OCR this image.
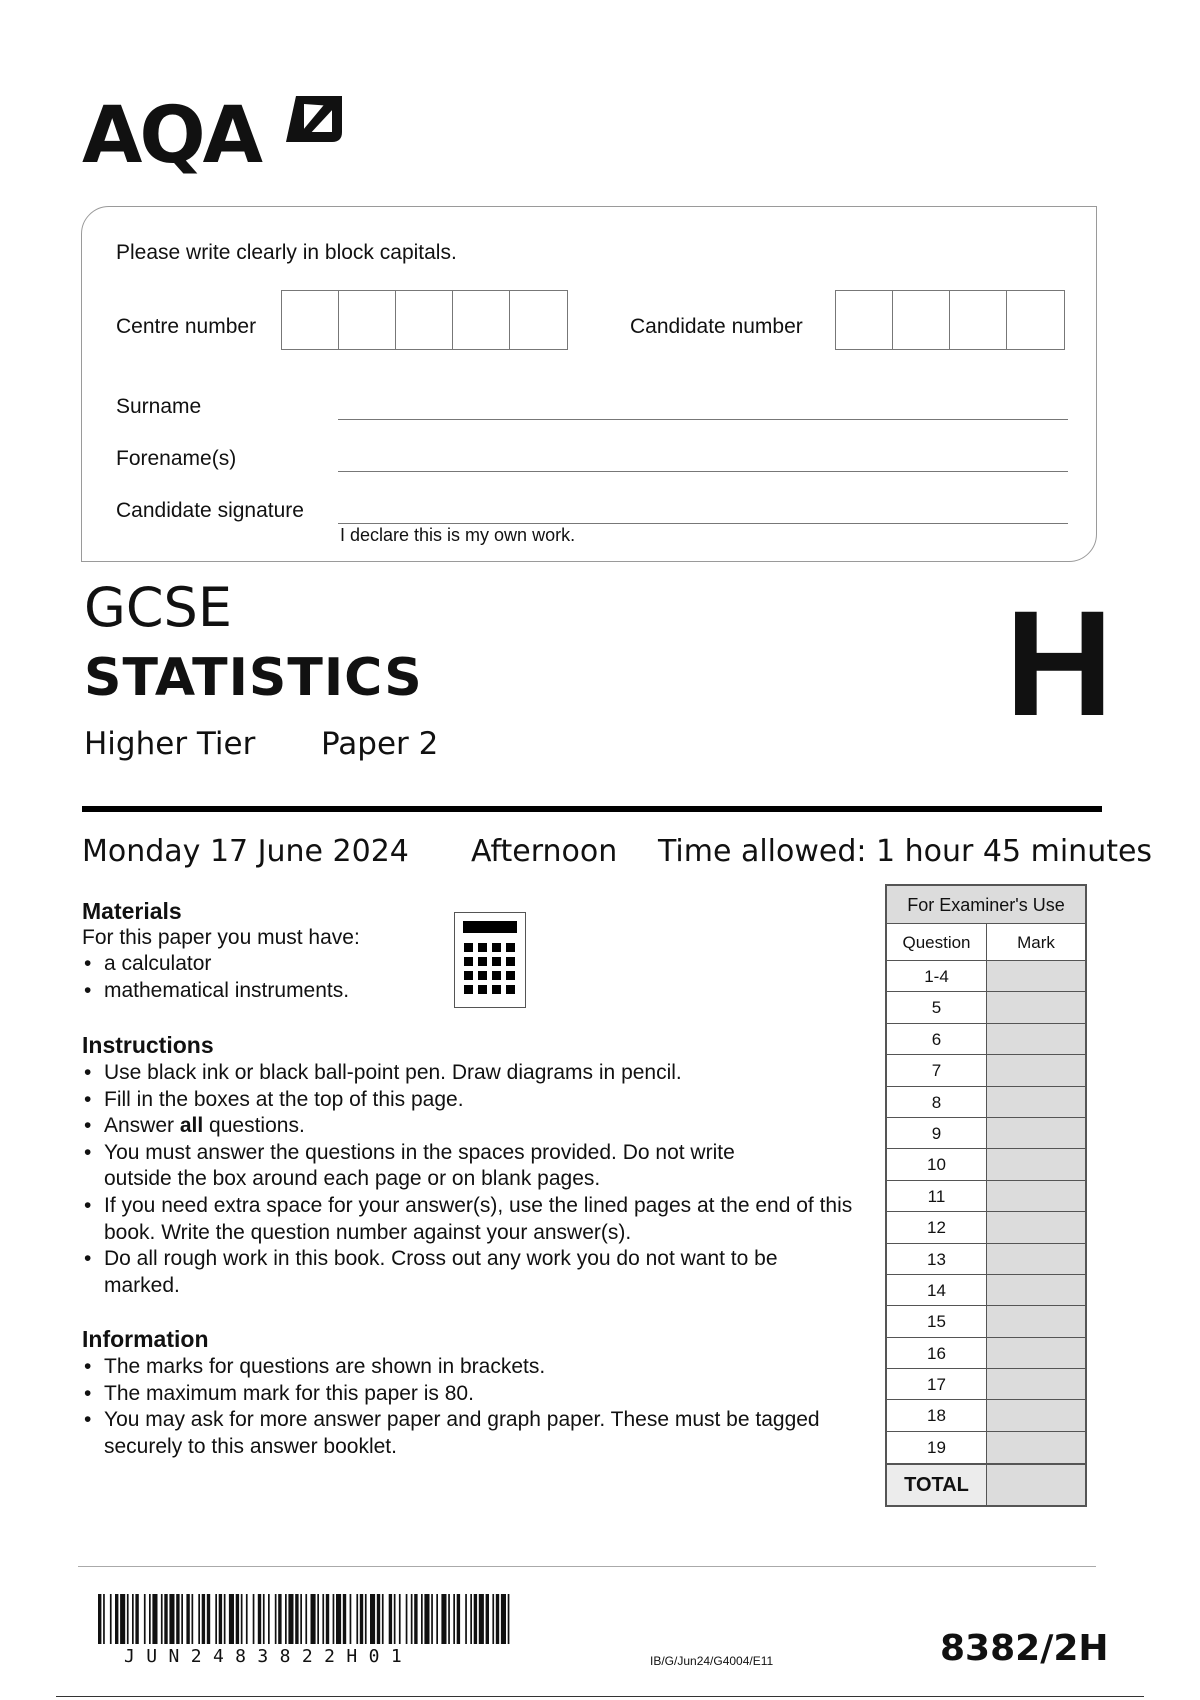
AQA
Please write clearly in block capitals.
Centre number	Candidate number
Surname
Forename(s)
Candidate signature
I declare this is my own work.
GCSE
STATISTICS
Higher Tier Paper 2	H
Monday 17 June 2024 Afternoon Time allowed: 1 hour 45 minutes
Materials
For this paper you must have:
• a calculator
• mathematical instruments.
Instructions
• Use black ink or black ball-point pen. Draw diagrams in pencil.
• Fill in the boxes at the top of this page.
• Answer all questions.
• You must answer the questions in the spaces provided. Do not write outside the box around each page or on blank pages.
• If you need extra space for your answer(s), use the lined pages at the end of this book. Write the question number against your answer(s).
• Do all rough work in this book. Cross out any work you do not want to be marked.
Information
• The marks for questions are shown in brackets.
• The maximum mark for this paper is 80.
• You may ask for more answer paper and graph paper. These must be tagged securely to this answer booklet.
For Examiner's Use
Question	Mark
1-4
5
6
7
8
9
10
11
12
13
14
15
16
17
18
19
TOTAL
JUN2483822H01	IB/G/Jun24/G4004/E11	8382/2H
